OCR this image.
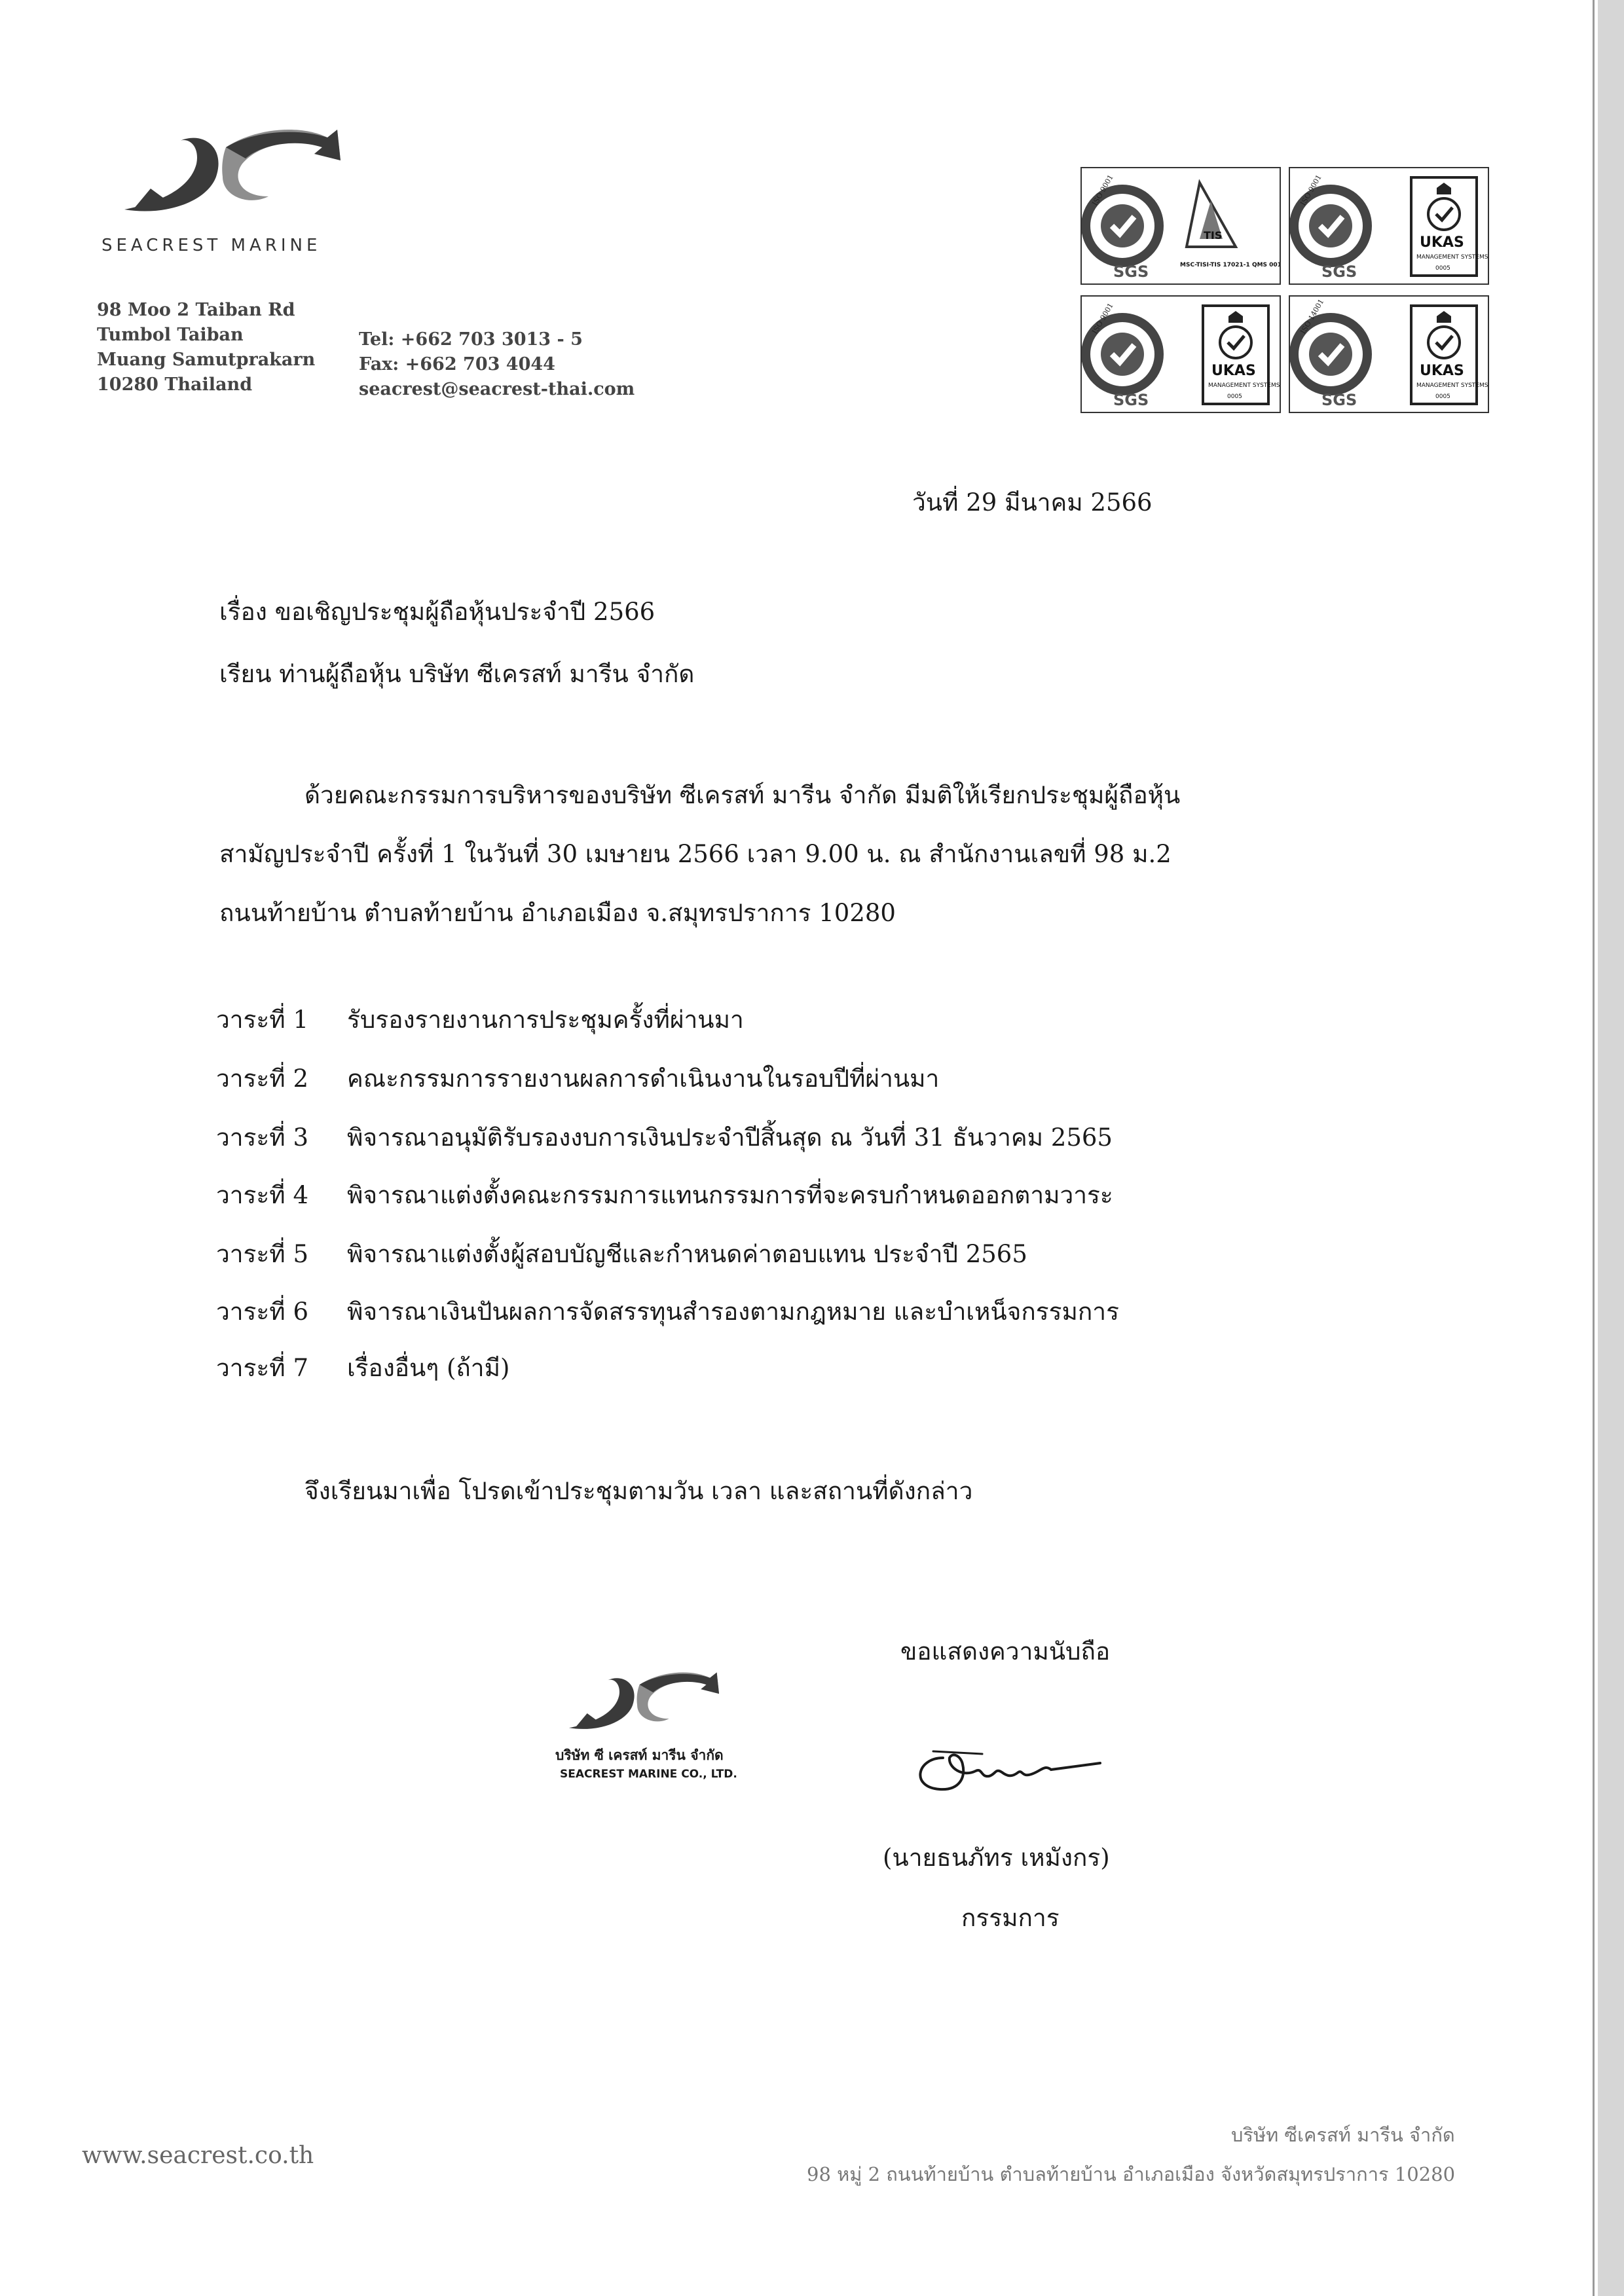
SEACREST MARINE
98 Moo 2 Taiban Rd
Tumbol Taiban
Muang Samutprakarn
10280 Thailand
Tel: +662 703 3013 - 5
Fax: +662 703 4044
seacrest@seacrest-thai.com
ISO 9001
SGS
TIS
MSC-TISI-TIS 17021-1 QMS 001
ISO 9001
SGS
UKAS
MANAGEMENT SYSTEMS
0005
ISO 9001
SGS
UKAS
MANAGEMENT SYSTEMS
0005
ISO 14001
SGS
UKAS
MANAGEMENT SYSTEMS
0005
วันที่ 29 มีนาคม 2566
เรื่อง ขอเชิญประชุมผู้ถือหุ้นประจำปี 2566
เรียน ท่านผู้ถือหุ้น บริษัท ซีเครสท์ มารีน จำกัด
ด้วยคณะกรรมการบริหารของบริษัท ซีเครสท์ มารีน จำกัด มีมติให้เรียกประชุมผู้ถือหุ้น
สามัญประจำปี ครั้งที่ 1 ในวันที่ 30 เมษายน 2566 เวลา 9.00 น. ณ สำนักงานเลขที่ 98 ม.2
ถนนท้ายบ้าน ตำบลท้ายบ้าน อำเภอเมือง จ.สมุทรปราการ 10280
วาระที่ 1 รับรองรายงานการประชุมครั้งที่ผ่านมา
วาระที่ 2 คณะกรรมการรายงานผลการดำเนินงานในรอบปีที่ผ่านมา
วาระที่ 3 พิจารณาอนุมัติรับรองงบการเงินประจำปีสิ้นสุด ณ วันที่ 31 ธันวาคม 2565
วาระที่ 4 พิจารณาแต่งตั้งคณะกรรมการแทนกรรมการที่จะครบกำหนดออกตามวาระ
วาระที่ 5 พิจารณาแต่งตั้งผู้สอบบัญชีและกำหนดค่าตอบแทน ประจำปี 2565
วาระที่ 6 พิจารณาเงินปันผลการจัดสรรทุนสำรองตามกฎหมาย และบำเหน็จกรรมการ
วาระที่ 7 เรื่องอื่นๆ (ถ้ามี)
จึงเรียนมาเพื่อ โปรดเข้าประชุมตามวัน เวลา และสถานที่ดังกล่าว
ขอแสดงความนับถือ
บริษัท ซี เครสท์ มารีน จำกัด
SEACREST MARINE CO., LTD.
(นายธนภัทร เหมังกร)
กรรมการ
www.seacrest.co.th
บริษัท ซีเครสท์ มารีน จำกัด
98 หมู่ 2 ถนนท้ายบ้าน ตำบลท้ายบ้าน อำเภอเมือง จังหวัดสมุทรปราการ 10280
